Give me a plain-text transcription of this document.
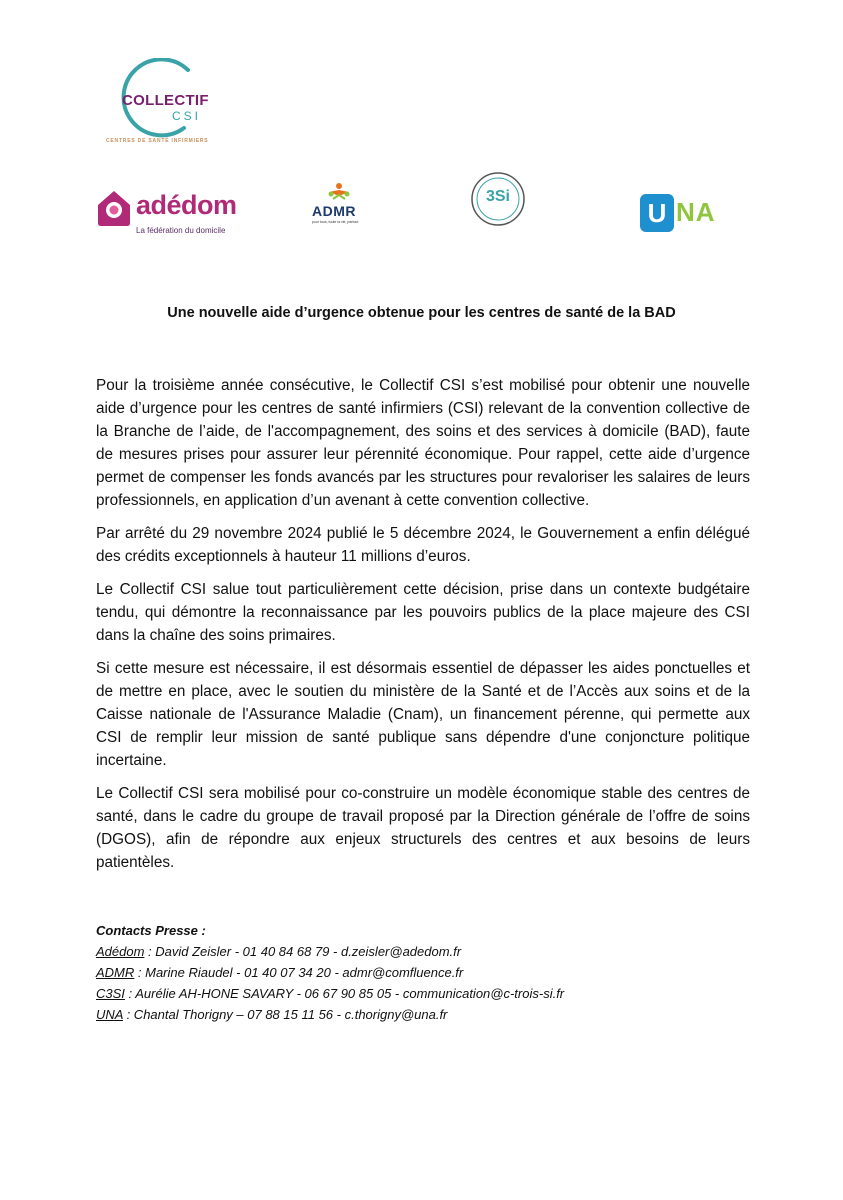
COLLECTIF
CSI
CENTRES DE SANTÉ INFIRMIERS
adédom
La fédération du domicile
ADMR
pour tous, toute la vie, partout
3Si
U NA
Une nouvelle aide d’urgence obtenue pour les centres de santé de la BAD

Pour la troisième année consécutive, le Collectif CSI s’est mobilisé pour obtenir une nouvelle aide d’urgence pour les centres de santé infirmiers (CSI) relevant de la convention collective de la Branche de l’aide, de l'accompagnement, des soins et des services à domicile (BAD), faute de mesures prises pour assurer leur pérennité économique. Pour rappel, cette aide d’urgence permet de compenser les fonds avancés par les structures pour revaloriser les salaires de leurs professionnels, en application d’un avenant à cette convention collective.

Par arrêté du 29 novembre 2024 publié le 5 décembre 2024, le Gouvernement a enfin délégué des crédits exceptionnels à hauteur 11 millions d’euros.

Le Collectif CSI salue tout particulièrement cette décision, prise dans un contexte budgétaire tendu, qui démontre la reconnaissance par les pouvoirs publics de la place majeure des CSI dans la chaîne des soins primaires.

Si cette mesure est nécessaire, il est désormais essentiel de dépasser les aides ponctuelles et de mettre en place, avec le soutien du ministère de la Santé et de l’Accès aux soins et de la Caisse nationale de l'Assurance Maladie (Cnam), un financement pérenne, qui permette aux CSI de remplir leur mission de santé publique sans dépendre d'une conjoncture politique incertaine.

Le Collectif CSI sera mobilisé pour co-construire un modèle économique stable des centres de santé, dans le cadre du groupe de travail proposé par la Direction générale de l’offre de soins (DGOS), afin de répondre aux enjeux structurels des centres et aux besoins de leurs patientèles.

Contacts Presse :
Adédom : David Zeisler - 01 40 84 68 79 - d.zeisler@adedom.fr
ADMR : Marine Riaudel - 01 40 07 34 20 - admr@comfluence.fr
C3SI : Aurélie AH-HONE SAVARY - 06 67 90 85 05 - communication@c-trois-si.fr
UNA : Chantal Thorigny – 07 88 15 11 56 - c.thorigny@una.fr
